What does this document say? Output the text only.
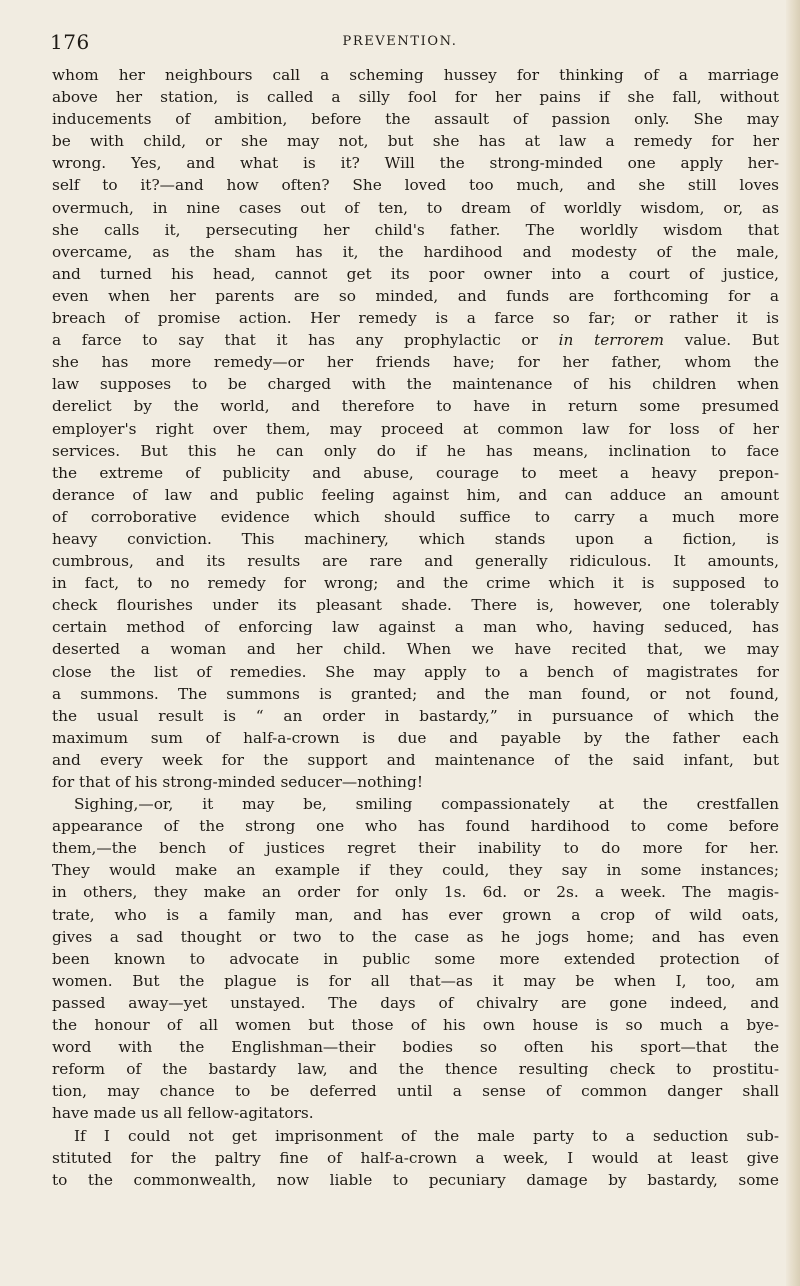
176	PREVENTION.
whom her neighbours call a scheming hussey for thinking of a marriage
above her station, is called a silly fool for her pains if she fall, without
inducements of ambition, before the assault of passion only. She may
be with child, or she may not, but she has at law a remedy for her
wrong. Yes, and what is it? Will the strong-minded one apply her-
self to it?—and how often? She loved too much, and she still loves
overmuch, in nine cases out of ten, to dream of worldly wisdom, or, as
she calls it, persecuting her child's father. The worldly wisdom that
overcame, as the sham has it, the hardihood and modesty of the male,
and turned his head, cannot get its poor owner into a court of justice,
even when her parents are so minded, and funds are forthcoming for a
breach of promise action. Her remedy is a farce so far; or rather it is
a farce to say that it has any prophylactic or in terrorem value. But
she has more remedy—or her friends have; for her father, whom the
law supposes to be charged with the maintenance of his children when
derelict by the world, and therefore to have in return some presumed
employer's right over them, may proceed at common law for loss of her
services. But this he can only do if he has means, inclination to face
the extreme of publicity and abuse, courage to meet a heavy prepon-
derance of law and public feeling against him, and can adduce an amount
of corroborative evidence which should suffice to carry a much more
heavy conviction. This machinery, which stands upon a fiction, is
cumbrous, and its results are rare and generally ridiculous. It amounts,
in fact, to no remedy for wrong; and the crime which it is supposed to
check flourishes under its pleasant shade. There is, however, one tolerably
certain method of enforcing law against a man who, having seduced, has
deserted a woman and her child. When we have recited that, we may
close the list of remedies. She may apply to a bench of magistrates for
a summons. The summons is granted; and the man found, or not found,
the usual result is “ an order in bastardy,” in pursuance of which the
maximum sum of half-a-crown is due and payable by the father each
and every week for the support and maintenance of the said infant, but
for that of his strong-minded seducer—nothing!
Sighing,—or, it may be, smiling compassionately at the crestfallen
appearance of the strong one who has found hardihood to come before
them,—the bench of justices regret their inability to do more for her.
They would make an example if they could, they say in some instances;
in others, they make an order for only 1s. 6d. or 2s. a week. The magis-
trate, who is a family man, and has ever grown a crop of wild oats,
gives a sad thought or two to the case as he jogs home; and has even
been known to advocate in public some more extended protection of
women. But the plague is for all that—as it may be when I, too, am
passed away—yet unstayed. The days of chivalry are gone indeed, and
the honour of all women but those of his own house is so much a bye-
word with the Englishman—their bodies so often his sport—that the
reform of the bastardy law, and the thence resulting check to prostitu-
tion, may chance to be deferred until a sense of common danger shall
have made us all fellow-agitators.
If I could not get imprisonment of the male party to a seduction sub-
stituted for the paltry fine of half-a-crown a week, I would at least give
to the commonwealth, now liable to pecuniary damage by bastardy, some
